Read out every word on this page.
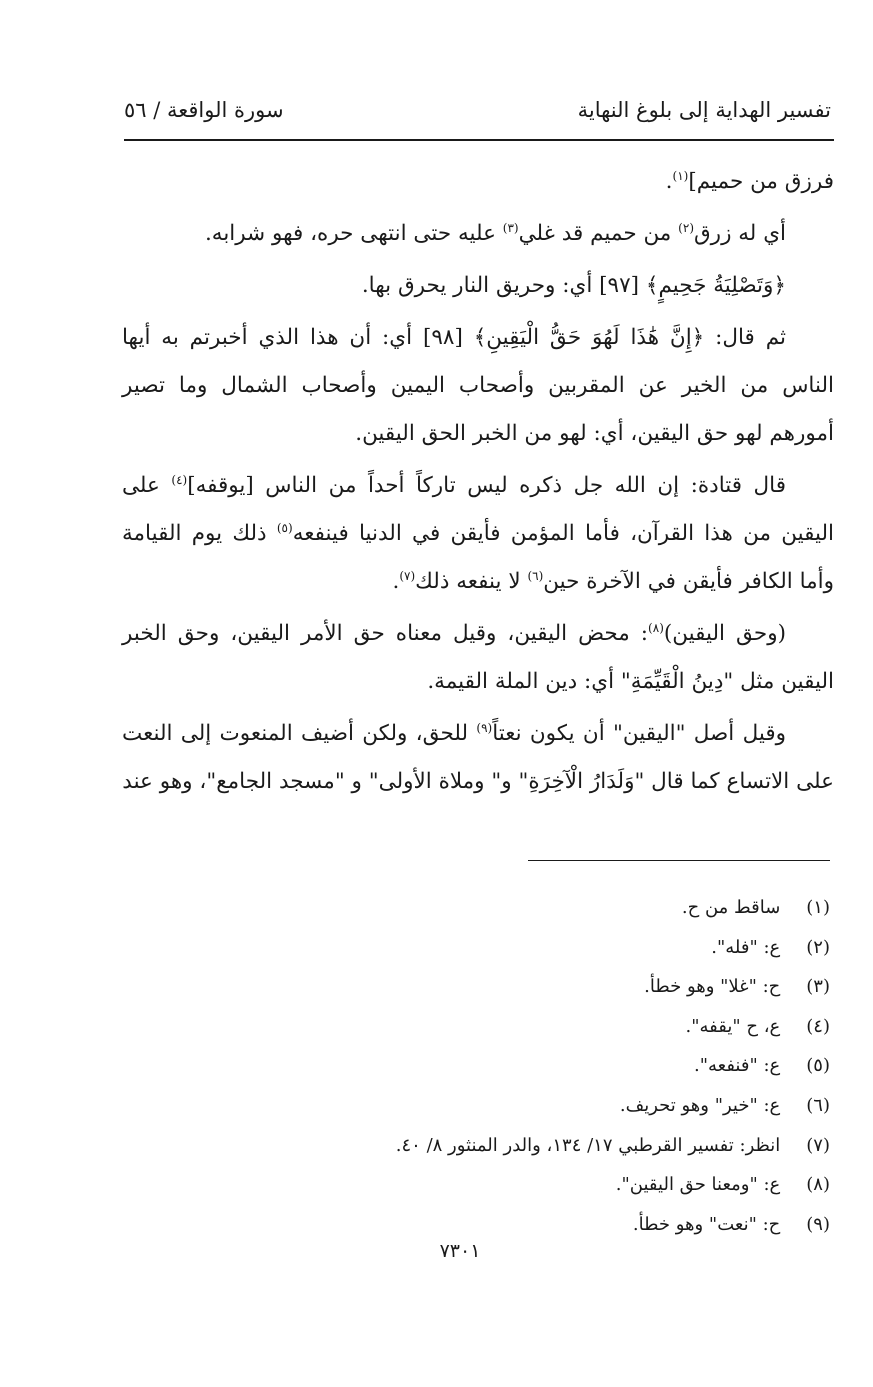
تفسير الهداية إلى بلوغ النهاية
سورة الواقعة / ٥٦

فرزق من حميم]$^{(١)}$.

أي له زرق$^{(٢)}$ من حميم قد غلي$^{(٣)}$ عليه حتى انتهى حره، فهو شرابه.

﴿وَتَصْلِيَةُ جَحِيمٍ﴾ [٩٧] أي: وحريق النار يحرق بها.

ثم قال: ﴿إِنَّ هَٰذَا لَهُوَ حَقُّ الْيَقِينِ﴾ [٩٨] أي: أن هذا الذي أخبرتم به أيها الناس من الخير عن المقربين وأصحاب اليمين وأصحاب الشمال وما تصير أمورهم لهو حق اليقين، أي: لهو من الخبر الحق اليقين.

قال قتادة: إن الله جل ذكره ليس تاركاً أحداً من الناس [يوقفه]$^{(٤)}$ على اليقين من هذا القرآن، فأما المؤمن فأيقن في الدنيا فينفعه$^{(٥)}$ ذلك يوم القيامة وأما الكافر فأيقن في الآخرة حين$^{(٦)}$ لا ينفعه ذلك$^{(٧)}$.

(وحق اليقين)$^{(٨)}$: محض اليقين، وقيل معناه حق الأمر اليقين، وحق الخبر اليقين مثل "دِينُ الْقَيِّمَةِ" أي: دين الملة القيمة.

وقيل أصل "اليقين" أن يكون نعتاً$^{(٩)}$ للحق، ولكن أضيف المنعوت إلى النعت على الاتساع كما قال "وَلَدَارُ الْآخِرَةِ" و" وملاة الأولى" و "مسجد الجامع"، وهو عند

(١) ساقط من ح.
(٢) ع: "فله".
(٣) ح: "غلا" وهو خطأ.
(٤) ع، ح "يقفه".
(٥) ع: "فنفعه".
(٦) ع: "خير" وهو تحريف.
(٧) انظر: تفسير القرطبي ١٧/ ١٣٤، والدر المنثور ٨/ ٤٠.
(٨) ع: "ومعنا حق اليقين".
(٩) ح: "نعت" وهو خطأ.
٧٣٠١
